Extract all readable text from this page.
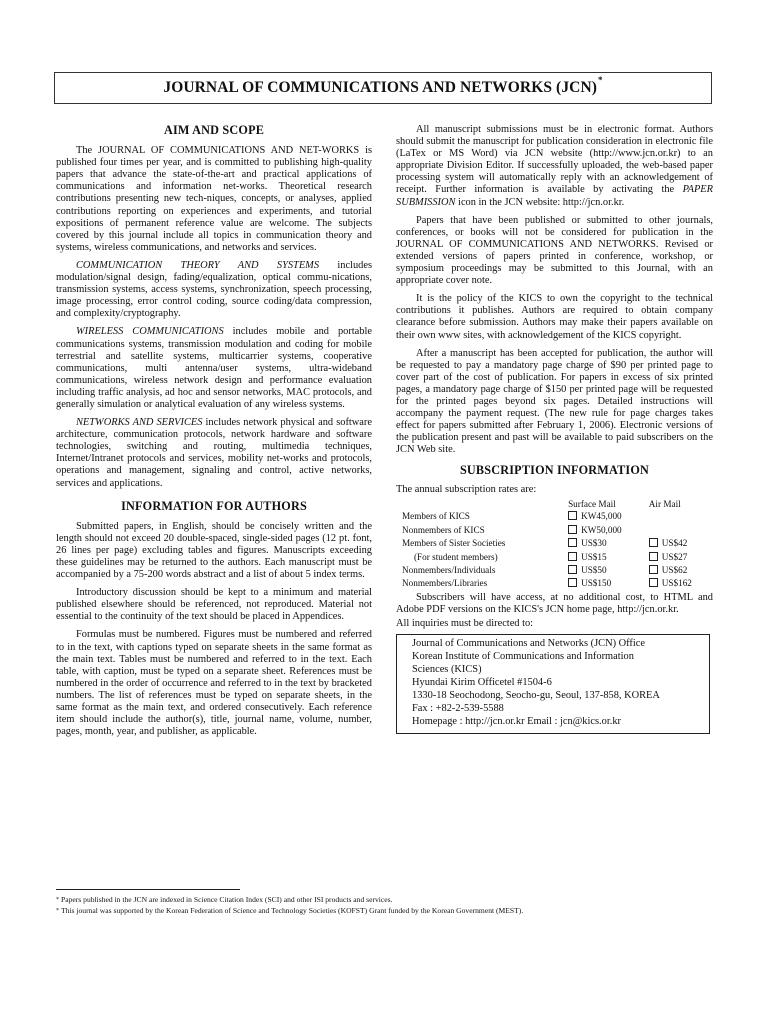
JOURNAL OF COMMUNICATIONS AND NETWORKS (JCN)*
AIM AND SCOPE

The JOURNAL OF COMMUNICATIONS AND NET-WORKS is published four times per year, and is committed to publishing high-quality papers that advance the state-of-the-art and practical applications of communications and information net-works. Theoretical research contributions presenting new tech-niques, concepts, or analyses, applied contributions reporting on experiences and experiments, and tutorial expositions of permanent reference value are welcome. The subjects covered by this journal include all topics in communication theory and systems, wireless communications, and networks and services.

COMMUNICATION THEORY AND SYSTEMS includes modulation/signal design, fading/equalization, optical commu-nications, transmission systems, access systems, synchronization, speech processing, image processing, error control coding, source coding/data compression, and complexity/cryptography.

WIRELESS COMMUNICATIONS includes mobile and portable communications systems, transmission modulation and coding for mobile terrestrial and satellite systems, multicarrier systems, cooperative communications, multi antenna/user systems, ultra-wideband communications, wireless network design and performance evaluation including traffic analysis, ad hoc and sensor networks, MAC protocols, and generally simulation or analytical evaluation of any wireless systems.

NETWORKS AND SERVICES includes network physical and software architecture, communication protocols, network hardware and software technologies, switching and routing, multimedia techniques, Internet/Intranet protocols and services, mobility net-works and protocols, operations and management, signaling and control, active networks, services and applications.

INFORMATION FOR AUTHORS

Submitted papers, in English, should be concisely written and the length should not exceed 20 double-spaced, single-sided pages (12 pt. font, 26 lines per page) excluding tables and figures. Manuscripts exceeding these guidelines may be returned to the authors. Each manuscript must be accompanied by a 75-200 words abstract and a list of about 5 index terms.

Introductory discussion should be kept to a minimum and material published elsewhere should be referenced, not reproduced. Material not essential to the continuity of the text should be placed in Appendices.

Formulas must be numbered. Figures must be numbered and referred to in the text, with captions typed on separate sheets in the same format as the main text. Tables must be numbered and referred to in the text. Each table, with caption, must be typed on a separate sheet. References must be numbered in the order of occurrence and referred to in the text by bracketed numbers. The list of references must be typed on separate sheets, in the same format as the main text, and ordered consecutively. Each reference item should include the author(s), title, journal name, volume, number, pages, month, year, and publisher, as applicable.

All manuscript submissions must be in electronic format. Authors should submit the manuscript for publication consideration in electronic file (LaTex or MS Word) via JCN website (http://www.jcn.or.kr) to an appropriate Division Editor. If successfully uploaded, the web-based paper processing system will automatically reply with an acknowledgement of receipt. Further information is available by activating the PAPER SUBMISSION icon in the JCN website: http://jcn.or.kr.

Papers that have been published or submitted to other journals, conferences, or books will not be considered for publication in the JOURNAL OF COMMUNICATIONS AND NETWORKS. Revised or extended versions of papers printed in conference, workshop, or symposium proceedings may be submitted to this Journal, with an appropriate cover note.

It is the policy of the KICS to own the copyright to the technical contributions it publishes. Authors are required to obtain company clearance before submission. Authors may make their papers available on their own www sites, with acknowledgement of the KICS copyright.

After a manuscript has been accepted for publication, the author will be requested to pay a mandatory page charge of $90 per printed page to cover part of the cost of publication. For papers in excess of six printed pages, a mandatory page charge of $150 per printed page will be requested for the printed pages beyond six pages. Detailed instructions will accompany the payment request. (The new rule for page charges takes effect for papers submitted after February 1, 2006). Electronic versions of the publication present and past will be available to paid subscribers on the JCN Web site.

SUBSCRIPTION INFORMATION

The annual subscription rates are:

	Surface Mail	Air Mail
Members of KICS	KW45,000	
Nonmembers of KICS	KW50,000	
Members of Sister Societies	US$30	US$42
(For student members)	US$15	US$27
Nonmembers/Individuals	US$50	US$62
Nonmembers/Libraries	US$150	US$162

Subscribers will have access, at no additional cost, to HTML and Adobe PDF versions on the KICS's JCN home page, http://jcn.or.kr.

All inquiries must be directed to:

Journal of Communications and Networks (JCN) Office
Korean Institute of Communications and Information
Sciences (KICS)
Hyundai Kirim Officetel #1504-6
1330-18 Seochodong, Seocho-gu, Seoul, 137-858, KOREA
Fax : +82-2-539-5588
Homepage : http://jcn.or.kr Email : jcn@kics.or.kr
* Papers published in the JCN are indexed in Science Citation Index (SCI) and other ISI products and services.
* This journal was supported by the Korean Federation of Science and Technology Societies (KOFST) Grant funded by the Korean Government (MEST).
